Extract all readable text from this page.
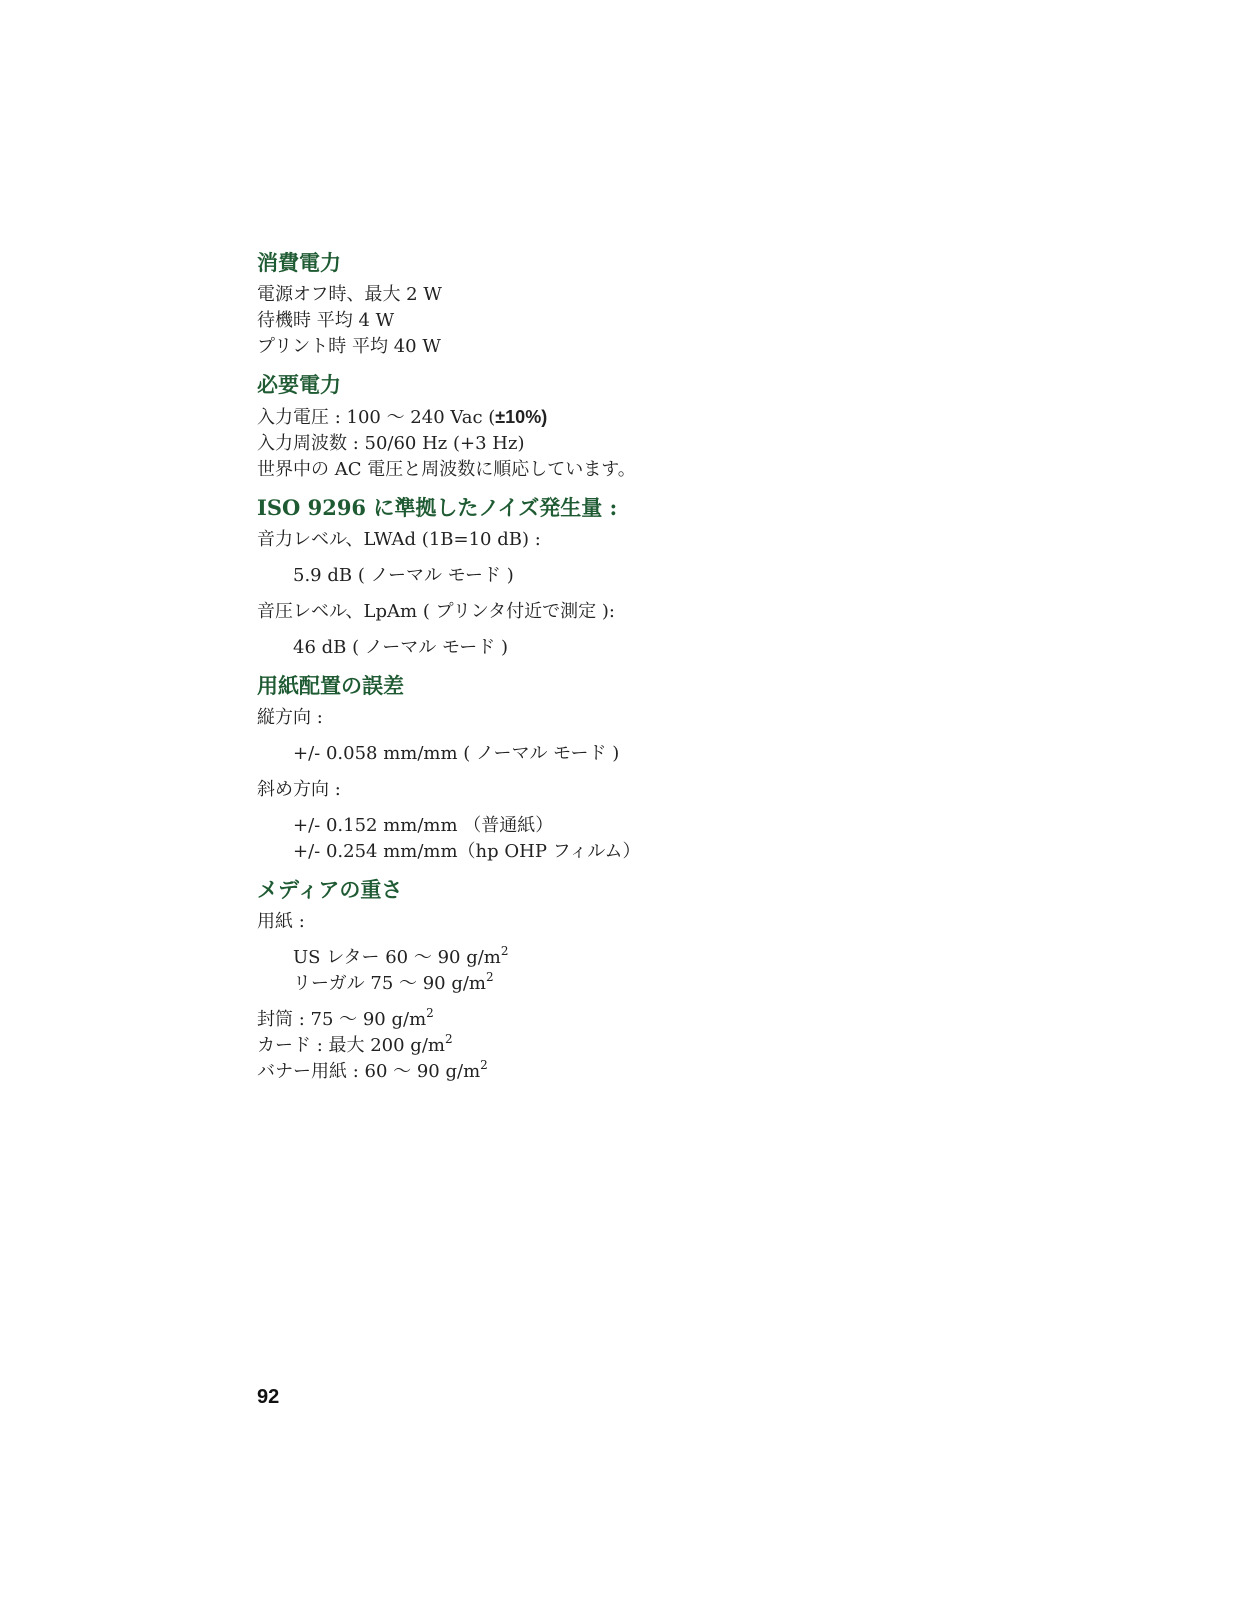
消費電力
電源オフ時、最大 2 W
待機時 平均 4 W
プリント時 平均 40 W
必要電力
入力電圧 : 100 ～ 240 Vac (±10%)
入力周波数 : 50/60 Hz (+3 Hz)
世界中の AC 電圧と周波数に順応しています。
ISO 9296 に準拠したノイズ発生量 :
音力レベル、LWAd (1B=10 dB) :
5.9 dB ( ノーマル モード )
音圧レベル、LpAm ( プリンタ付近で測定 ):
46 dB ( ノーマル モード )
用紙配置の誤差
縦方向 :
+/- 0.058 mm/mm ( ノーマル モード )
斜め方向 :
+/- 0.152 mm/mm （普通紙）
+/- 0.254 mm/mm（hp OHP フィルム）
メディアの重さ
用紙 :
US レター 60 ～ 90 $g/m^2$
リーガル 75 ～ 90 $g/m^2$
封筒 : 75 ～ 90 $g/m^2$
カード : 最大 200 $g/m^2$
バナー用紙 : 60 ～ 90 $g/m^2$
92
